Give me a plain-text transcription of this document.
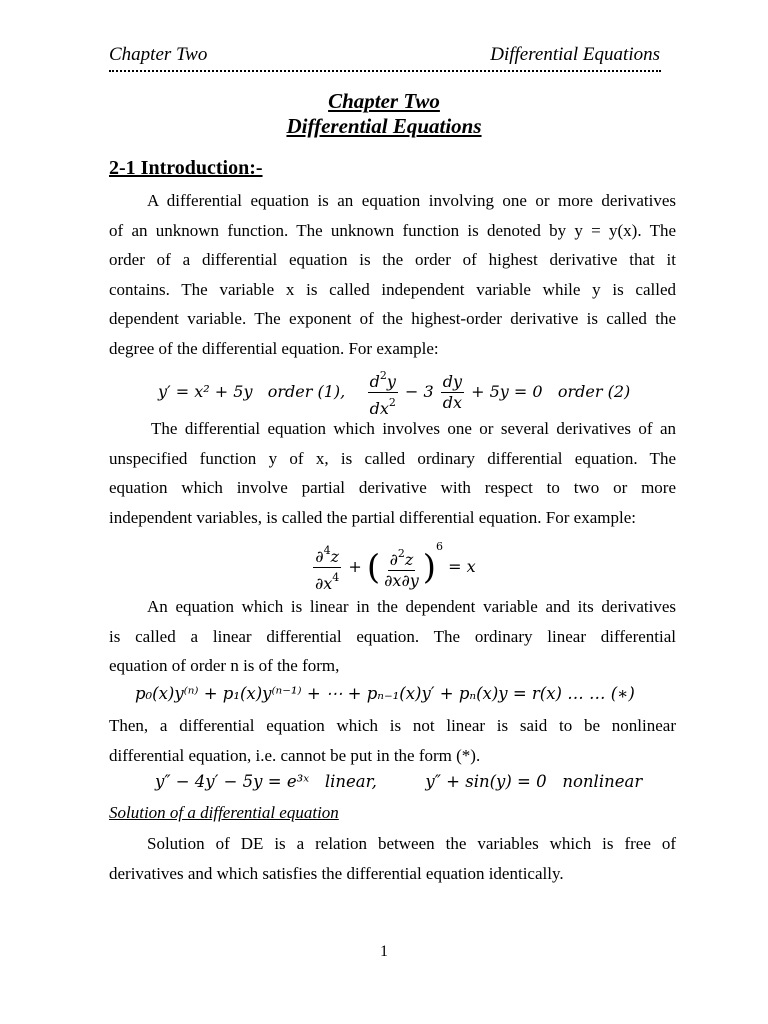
Chapter Two	Differential Equations
Chapter Two
Differential Equations
2-1 Introduction:-
A differential equation is an equation involving one or more derivatives
of an unknown function. The unknown function is denoted by y = y(x). The
order of a differential equation is the order of highest derivative that it
contains. The variable x is called independent variable while y is called
dependent variable. The exponent of the highest-order derivative is called the
degree of the differential equation. For example:
y′ = x² + 5y order (1), $\frac{d^2y}{dx^2} - 3 \frac{dy}{dx} + 5y = 0$ order (2)
The differential equation which involves one or several derivatives of an
unspecified function y of x, is called ordinary differential equation. The
equation which involve partial derivative with respect to two or more
independent variables, is called the partial differential equation. For example:
$\frac{\partial^4z}{\partial x^4}$ + ( $\frac{\partial^2z}{\partial x\partial y} )^6 = x$
An equation which is linear in the dependent variable and its derivatives
is called a linear differential equation. The ordinary linear differential
equation of order n is of the form,
p₀(x)y⁽ⁿ⁾ + p₁(x)y⁽ⁿ⁻¹⁾ + ⋯ + pₙ₋₁(x)y′ + pₙ(x)y = r(x) … … (∗)
Then, a differential equation which is not linear is said to be nonlinear
differential equation, i.e. cannot be put in the form (*).
y″ − 4y′ − 5y = e³ˣ linear,	y″ + sin(y) = 0 nonlinear
Solution of a differential equation
Solution of DE is a relation between the variables which is free of
derivatives and which satisfies the differential equation identically.
1
